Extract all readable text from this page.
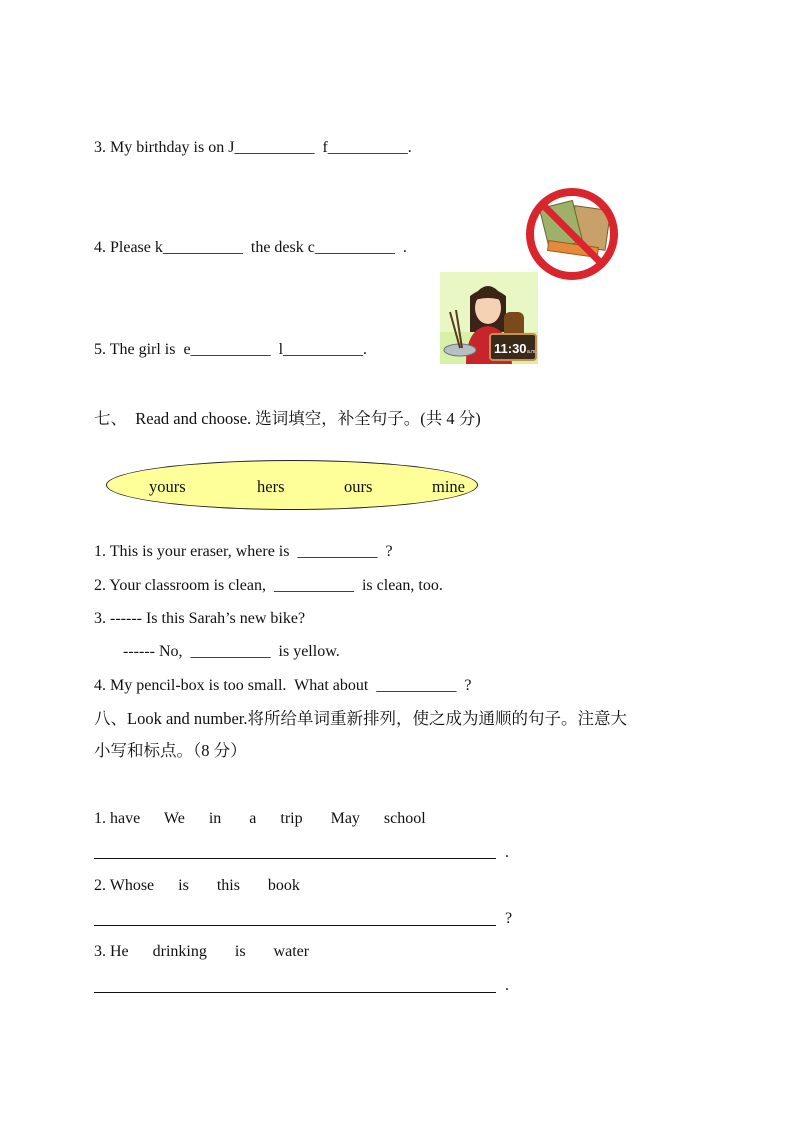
3. My birthday is on J__________  f__________.
4. Please k__________  the desk c__________  .
5. The girl is  e__________  l__________.	11:30 a.m.
七、  Read and choose. 选词填空，补全句子。(共 4 分)
yours	hers	ours	mine
1. This is your eraser, where is  __________  ?
2. Your classroom is clean,  __________  is clean, too.
3. ------ Is this Sarah’s new bike?
------ No,  __________  is yellow.
4. My pencil-box is too small.  What about  __________  ?
八、Look and number.将所给单词重新排列，使之成为通顺的句子。注意大
小写和标点。（8 分）
1. have      We      in       a      trip       May      school
.
2. Whose      is       this       book
?
3. He      drinking       is       water
.
